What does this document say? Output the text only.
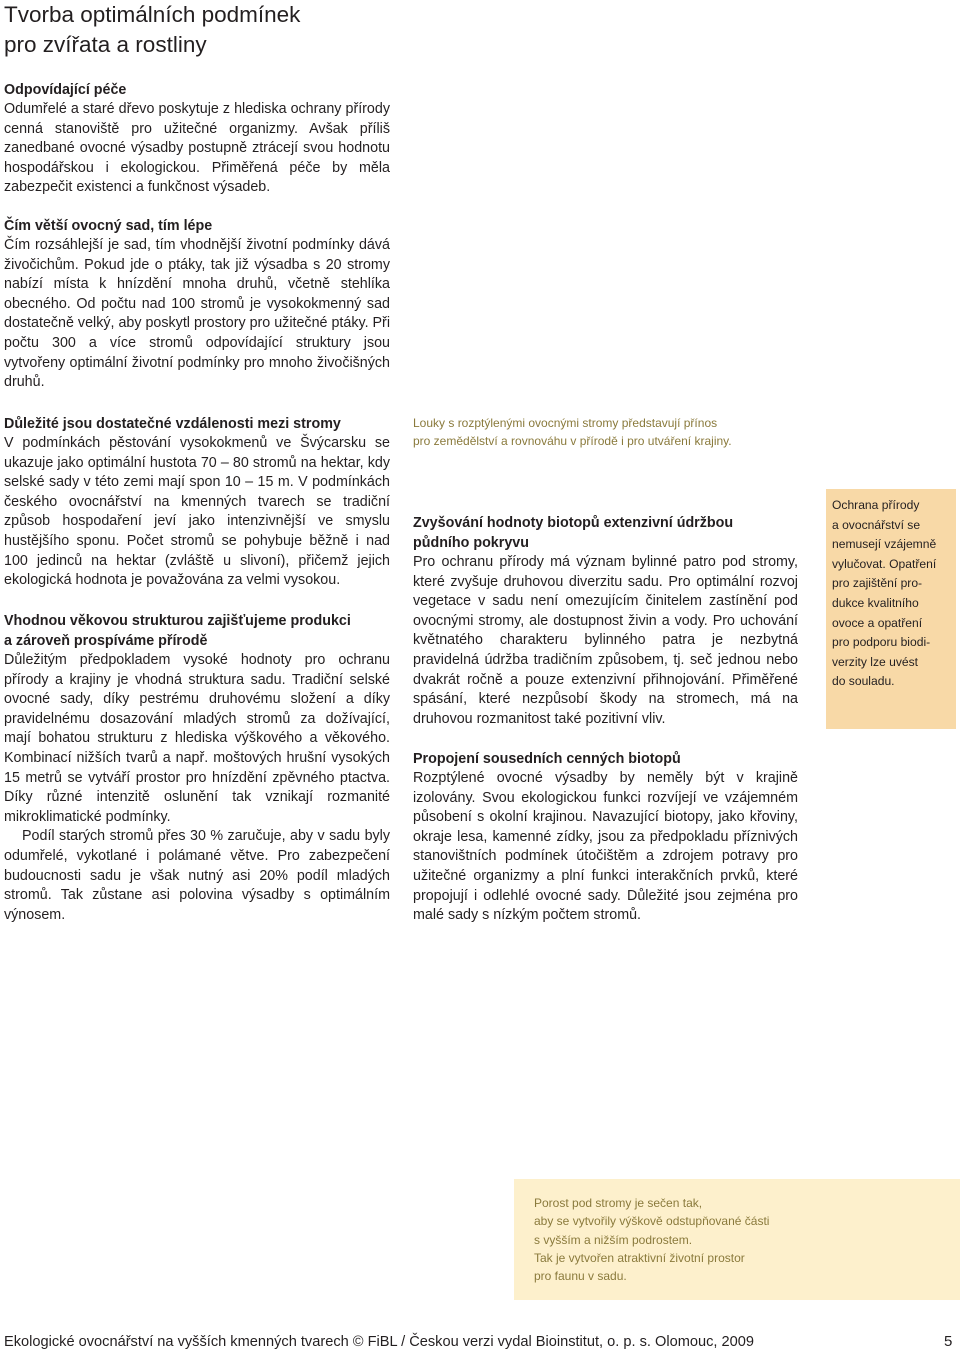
Tvorba optimálních podmínek
pro zvířata a rostliny
Odpovídající péče

Odumřelé a staré dřevo poskytuje z hlediska ochrany přírody cenná stanoviště pro užitečné organizmy. Avšak příliš zanedbané ovocné výsadby postupně ztrácejí svou hodnotu hospodářskou i ekologickou. Přiměřená péče by měla zabezpečit existenci a funkčnost výsadeb.

Čím větší ovocný sad, tím lépe

Čím rozsáhlejší je sad, tím vhodnější životní podmínky dává živočichům. Pokud jde o ptáky, tak již výsadba s 20 stromy nabízí místa k hnízdění mnoha druhů, včetně stehlíka obecného. Od počtu nad 100 stromů je vysokokmenný sad dostatečně velký, aby poskytl prostory pro užitečné ptáky. Při počtu 300 a více stromů odpovídající struktury jsou vytvořeny optimální životní podmínky pro mnoho živočišných druhů.

Důležité jsou dostatečné vzdálenosti mezi stromy

V podmínkách pěstování vysokokmenů ve Švýcarsku se ukazuje jako optimální hustota 70 – 80 stromů na hektar, kdy selské sady v této zemi mají spon 10 – 15 m. V podmínkách českého ovocnářství na kmenných tvarech se tradiční způsob hospodaření jeví jako intenzivnější ve smyslu hustějšího sponu. Počet stromů se pohybuje běžně i nad 100 jedinců na hektar (zvláště u slivoní), přičemž jejich ekologická hodnota je považována za velmi vysokou.

Vhodnou věkovou strukturou zajišťujeme produkci
a zároveň prospíváme přírodě

Důležitým předpokladem vysoké hodnoty pro ochranu přírody a krajiny je vhodná struktura sadu. Tradiční selské ovocné sady, díky pestrému druhovému složení a díky pravidelnému dosazování mladých stromů za dožívající, mají bohatou strukturu z hlediska výškového a věkového. Kombinací nižších tvarů a např. moštových hrušní vysokých 15 metrů se vytváří prostor pro hnízdění zpěvného ptactva. Díky různé intenzitě oslunění tak vznikají rozmanité mikroklimatické podmínky.

Podíl starých stromů přes 30 % zaručuje, aby v sadu byly odumřelé, vykotlané i polámané větve. Pro zabezpečení budoucnosti sadu je však nutný asi 20% podíl mladých stromů. Tak zůstane asi polovina výsadby s optimálním výnosem.

Louky s rozptýlenými ovocnými stromy představují přínos
pro zemědělství a rovnováhu v přírodě i pro utváření krajiny.
Zvyšování hodnoty biotopů extenzivní údržbou
půdního pokryvu

Pro ochranu přírody má význam bylinné patro pod stromy, které zvyšuje druhovou diverzitu sadu. Pro optimální rozvoj vegetace v sadu není omezujícím činitelem zastínění pod ovocnými stromy, ale dostupnost živin a vody. Pro uchování květnatého charakteru bylinného patra je nezbytná pravidelná údržba tradičním způsobem, tj. seč jednou nebo dvakrát ročně a pouze extenzivní přihnojování. Přiměřené spásání, které nezpůsobí škody na stromech, má na druhovou rozmanitost také pozitivní vliv.

Propojení sousedních cenných biotopů

Rozptýlené ovocné výsadby by neměly být v krajině izolovány. Svou ekologickou funkci rozvíjejí ve vzájemném působení s okolní krajinou. Navazující biotopy, jako křoviny, okraje lesa, kamenné zídky, jsou za předpokladu příznivých stanovištních podmínek útočištěm a zdrojem potravy pro užitečné organizmy a plní funkci interakčních prvků, které propojují i odlehlé ovocné sady. Důležité jsou zejména pro malé sady s nízkým počtem stromů.

Ochrana přírody
a ovocnářství se
nemusejí vzájemně
vylučovat. Opatření
pro zajištění pro-
dukce kvalitního
ovoce a opatření
pro podporu biodi-
verzity lze uvést
do souladu.
Porost pod stromy je sečen tak,
aby se vytvořily výškově odstupňované části
s vyšším a nižším podrostem.
Tak je vytvořen atraktivní životní prostor
pro faunu v sadu.
Ekologické ovocnářství na vyšších kmenných tvarech © FiBL / Českou verzi vydal Bioinstitut, o. p. s. Olomouc, 2009	5
